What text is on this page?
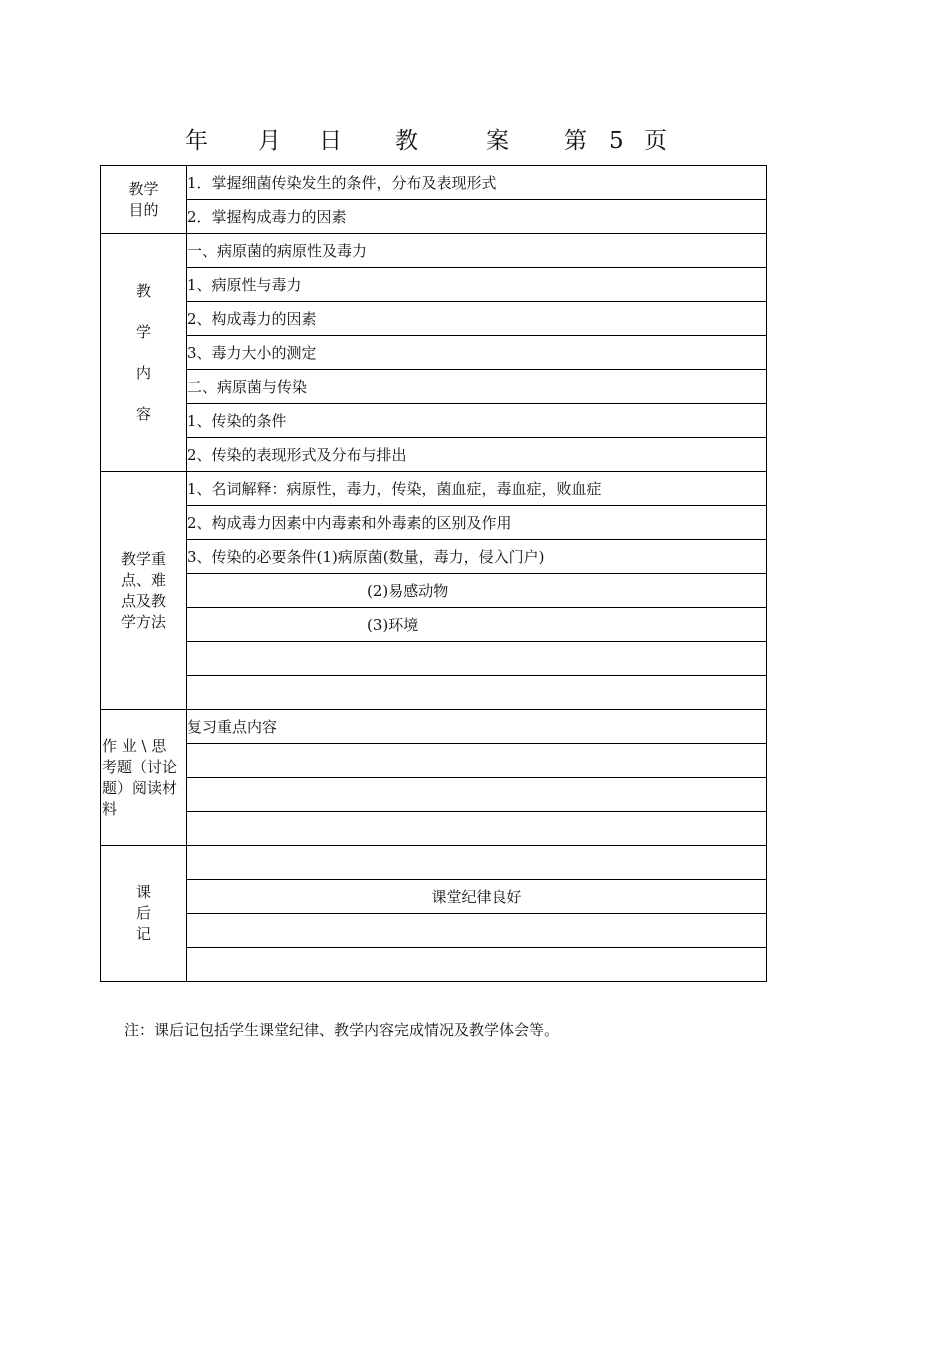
年 月 日 教	案 第 5 页
教学
目的	1．掌握细菌传染发生的条件，分布及表现形式
	2．掌握构成毒力的因素

教
学
内
容	一、病原菌的病原性及毒力
	1、病原性与毒力
	2、构成毒力的因素
	3、毒力大小的测定
	二、病原菌与传染
	1、传染的条件
	2、传染的表现形式及分布与排出
教学重
点、难
点及教
学方法	1、名词解释：病原性，毒力，传染，菌血症，毒血症，败血症
	2、构成毒力因素中内毒素和外毒素的区别及作用
	3、传染的必要条件(1)病原菌(数量，毒力，侵入门户)
	(2)易感动物
	(3)环境

作 业 \ 思
考题（讨论
题）阅读材
料	复习重点内容

课
后
记	
	课堂纪律良好

注：课后记包括学生课堂纪律、教学内容完成情况及教学体会等。
